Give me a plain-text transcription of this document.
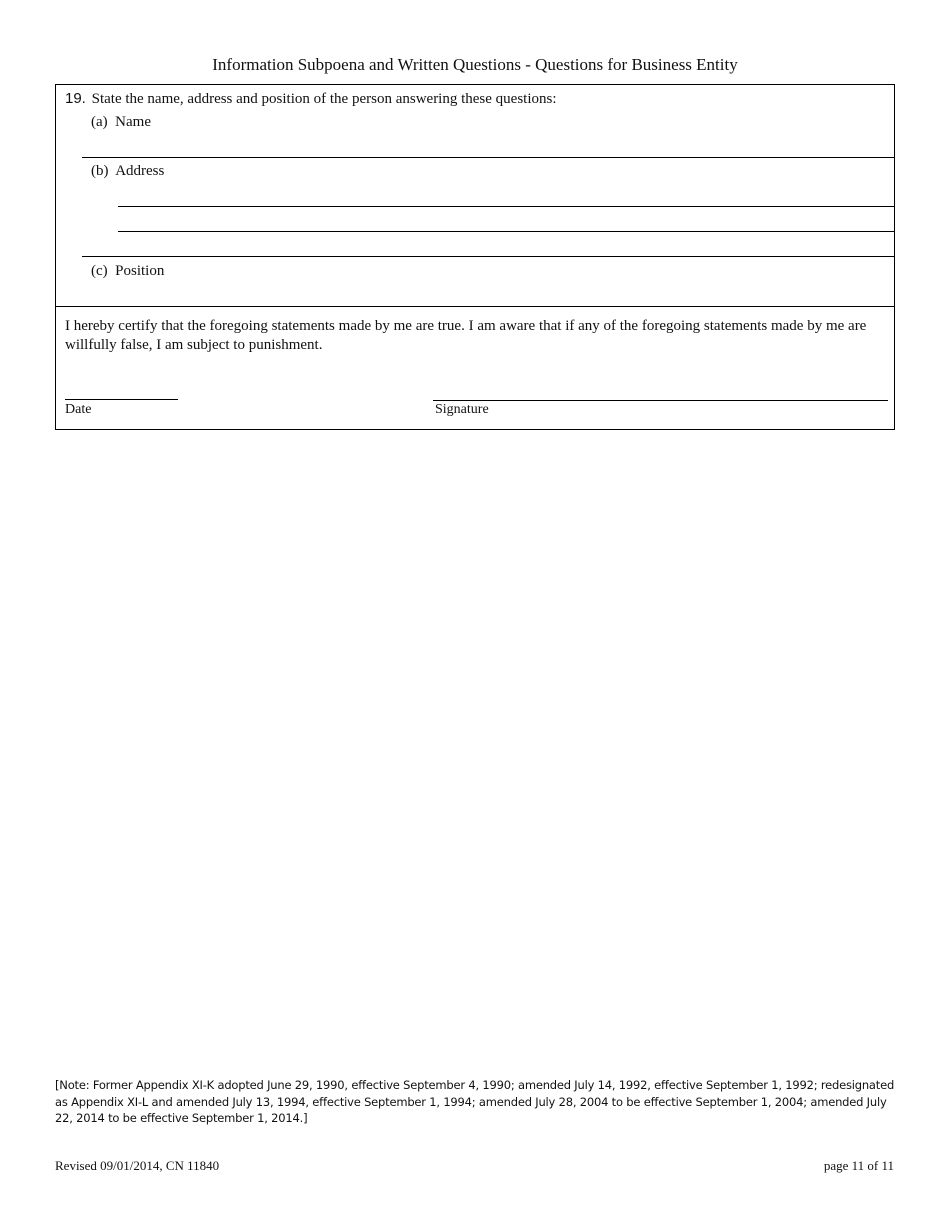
Information Subpoena and Written Questions - Questions for Business Entity
19. State the name, address and position of the person answering these questions:
(a) Name
(b) Address
(c) Position
I hereby certify that the foregoing statements made by me are true. I am aware that if any of the foregoing statements made by me are willfully false, I am subject to punishment.
Date	Signature
[Note: Former Appendix XI-K adopted June 29, 1990, effective September 4, 1990; amended July 14, 1992, effective September 1, 1992; redesignated as Appendix XI-L and amended July 13, 1994, effective September 1, 1994; amended July 28, 2004 to be effective September 1, 2004; amended July 22, 2014 to be effective September 1, 2014.]
Revised 09/01/2014, CN 11840	page 11 of 11
